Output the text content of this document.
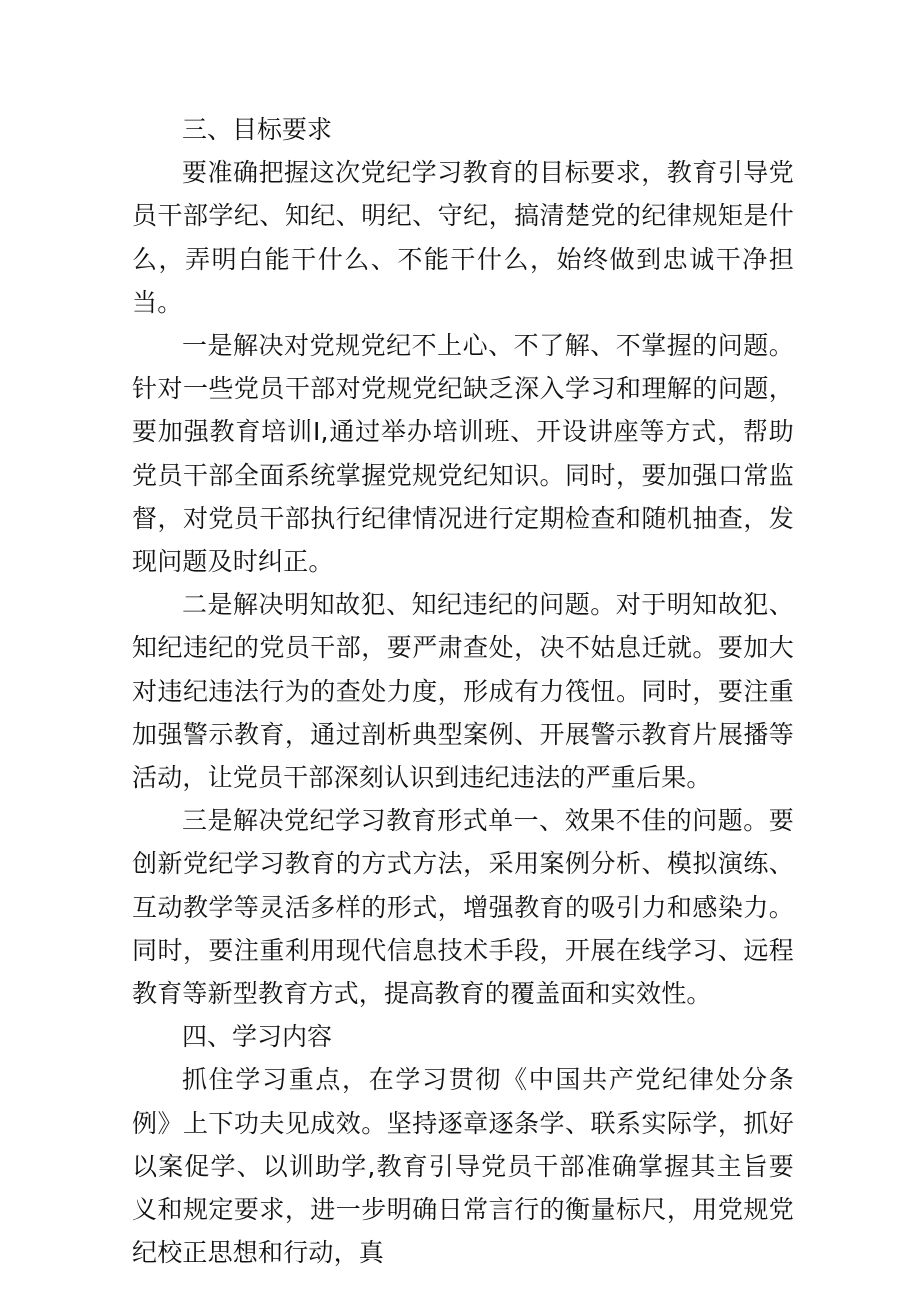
三、目标要求

要准确把握这次党纪学习教育的目标要求，教育引导党员干部学纪、知纪、明纪、守纪，搞清楚党的纪律规矩是什么，弄明白能干什么、不能干什么，始终做到忠诚干净担当。

一是解决对党规党纪不上心、不了解、不掌握的问题。针对一些党员干部对党规党纪缺乏深入学习和理解的问题，要加强教育培训I,通过举办培训班、开设讲座等方式，帮助党员干部全面系统掌握党规党纪知识。同时，要加强口常监督，对党员干部执行纪律情况进行定期检查和随机抽查，发现问题及时纠正。

二是解决明知故犯、知纪违纪的问题。对于明知故犯、知纪违纪的党员干部，要严肃查处，决不姑息迁就。要加大对违纪违法行为的查处力度，形成有力筏忸。同时，要注重加强警示教育，通过剖析典型案例、开展警示教育片展播等活动，让党员干部深刻认识到违纪违法的严重后果。

三是解决党纪学习教育形式单一、效果不佳的问题。要创新党纪学习教育的方式方法，采用案例分析、模拟演练、互动教学等灵活多样的形式，增强教育的吸引力和感染力。同时，要注重利用现代信息技术手段，开展在线学习、远程教育等新型教育方式，提高教育的覆盖面和实效性。

四、学习内容

抓住学习重点，在学习贯彻《中国共产党纪律处分条例》上下功夫见成效。坚持逐章逐条学、联系实际学，抓好以案促学、以训助学,教育引导党员干部准确掌握其主旨要义和规定要求，进一步明确日常言行的衡量标尺，用党规党纪校正思想和行动，真
